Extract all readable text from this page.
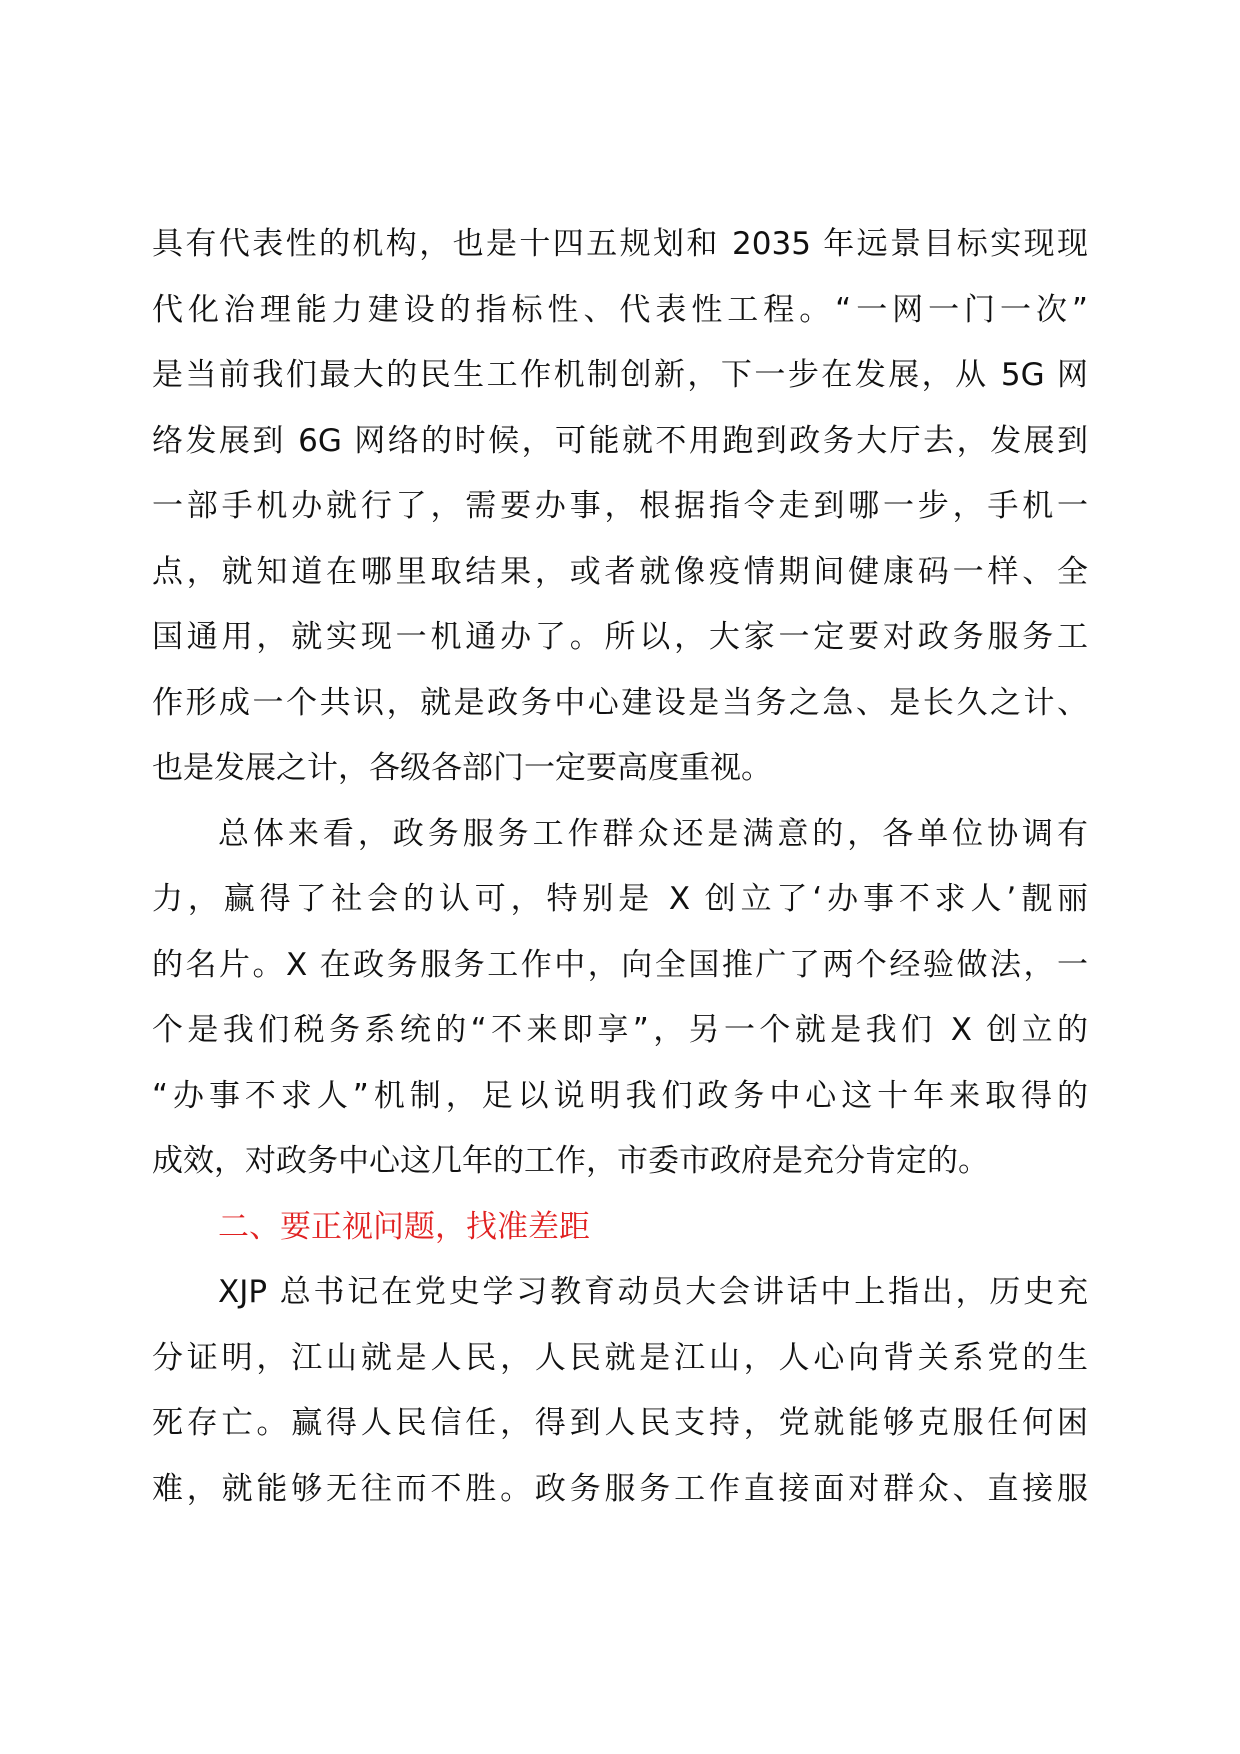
具有代表性的机构，也是十四五规划和 2035 年远景目标实现现
代化治理能力建设的指标性、代表性工程。“一网一门一次”
是当前我们最大的民生工作机制创新，下一步在发展，从 5G 网
络发展到 6G 网络的时候，可能就不用跑到政务大厅去，发展到
一部手机办就行了，需要办事，根据指令走到哪一步，手机一
点，就知道在哪里取结果，或者就像疫情期间健康码一样、全
国通用，就实现一机通办了。所以，大家一定要对政务服务工
作形成一个共识，就是政务中心建设是当务之急、是长久之计、
也是发展之计，各级各部门一定要高度重视。
总体来看，政务服务工作群众还是满意的，各单位协调有
力，赢得了社会的认可，特别是 X 创立了‘办事不求人’靓丽
的名片。X 在政务服务工作中，向全国推广了两个经验做法，一
个是我们税务系统的“不来即享”，另一个就是我们 X 创立的
“办事不求人”机制，足以说明我们政务中心这十年来取得的
成效，对政务中心这几年的工作，市委市政府是充分肯定的。
二、要正视问题，找准差距
XJP 总书记在党史学习教育动员大会讲话中上指出，历史充
分证明，江山就是人民，人民就是江山，人心向背关系党的生
死存亡。赢得人民信任，得到人民支持，党就能够克服任何困
难，就能够无往而不胜。政务服务工作直接面对群众、直接服
